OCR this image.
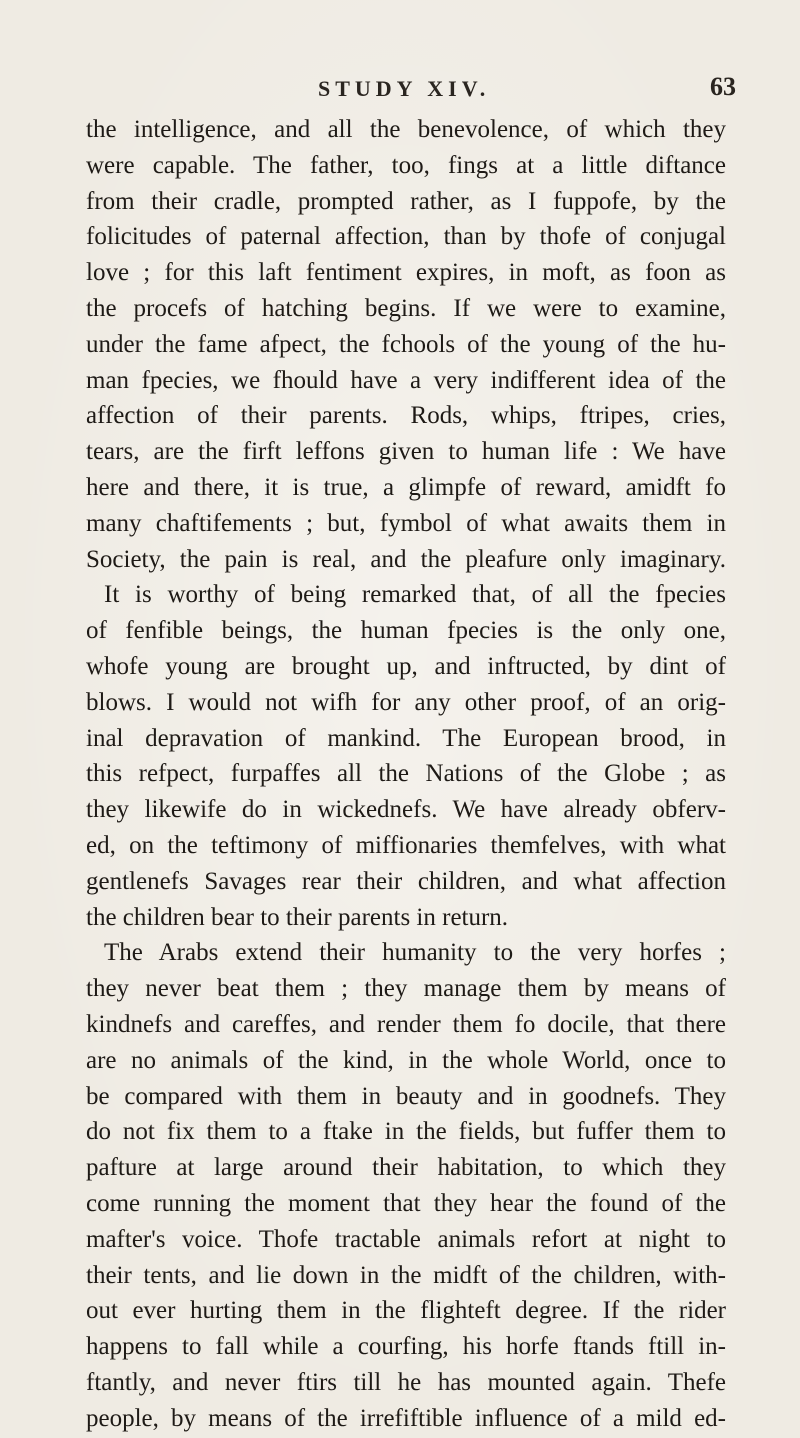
STUDY XIV.	63
the intelligence, and all the benevolence, of which they
were capable. The father, too, fings at a little diftance
from their cradle, prompted rather, as I fuppofe, by the
folicitudes of paternal affection, than by thofe of conjugal
love ; for this laft fentiment expires, in moft, as foon as
the procefs of hatching begins. If we were to examine,
under the fame afpect, the fchools of the young of the hu-
man fpecies, we fhould have a very indifferent idea of the
affection of their parents. Rods, whips, ftripes, cries,
tears, are the firft leffons given to human life : We have
here and there, it is true, a glimpfe of reward, amidft fo
many chaftifements ; but, fymbol of what awaits them in
Society, the pain is real, and the pleafure only imaginary.
It is worthy of being remarked that, of all the fpecies
of fenfible beings, the human fpecies is the only one,
whofe young are brought up, and inftructed, by dint of
blows. I would not wifh for any other proof, of an orig-
inal depravation of mankind. The European brood, in
this refpect, furpaffes all the Nations of the Globe ; as
they likewife do in wickednefs. We have already obferv-
ed, on the teftimony of miffionaries themfelves, with what
gentlenefs Savages rear their children, and what affection
the children bear to their parents in return.
The Arabs extend their humanity to the very horfes ;
they never beat them ; they manage them by means of
kindnefs and careffes, and render them fo docile, that there
are no animals of the kind, in the whole World, once to
be compared with them in beauty and in goodnefs. They
do not fix them to a ftake in the fields, but fuffer them to
pafture at large around their habitation, to which they
come running the moment that they hear the found of the
mafter's voice. Thofe tractable animals refort at night to
their tents, and lie down in the midft of the children, with-
out ever hurting them in the flighteft degree. If the rider
happens to fall while a courfing, his horfe ftands ftill in-
ftantly, and never ftirs till he has mounted again. Thefe
people, by means of the irrefiftible influence of a mild ed-
